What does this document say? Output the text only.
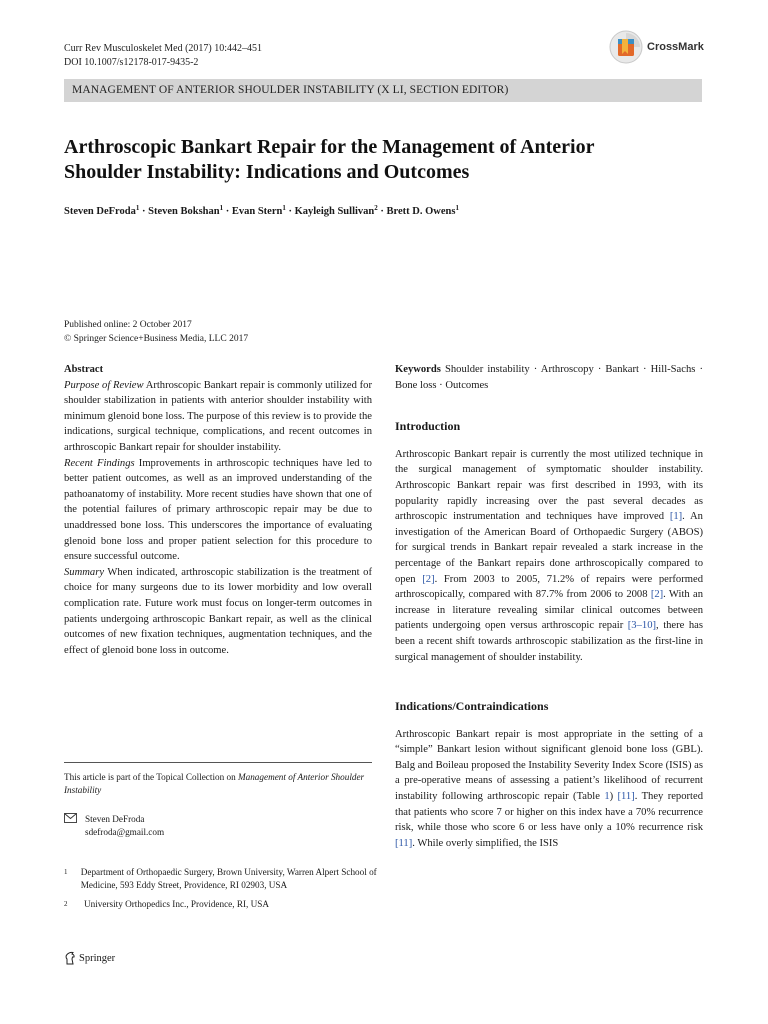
Curr Rev Musculoskelet Med (2017) 10:442–451
DOI 10.1007/s12178-017-9435-2
CrossMark
MANAGEMENT OF ANTERIOR SHOULDER INSTABILITY (X LI, SECTION EDITOR)
Arthroscopic Bankart Repair for the Management of Anterior
Shoulder Instability: Indications and Outcomes
Steven DeFroda$^1$ · Steven Bokshan$^1$ · Evan Stern$^1$ · Kayleigh Sullivan$^2$ · Brett D. Owens$^1$
Published online: 2 October 2017
© Springer Science+Business Media, LLC 2017
Abstract

Purpose of Review Arthroscopic Bankart repair is commonly utilized for shoulder stabilization in patients with anterior shoulder instability with minimum glenoid bone loss. The purpose of this review is to provide the indications, surgical technique, complications, and recent outcomes in arthroscopic Bankart repair for shoulder instability.

Recent Findings Improvements in arthroscopic techniques have led to better patient outcomes, as well as an improved understanding of the pathoanatomy of instability. More recent studies have shown that one of the potential failures of primary arthroscopic repair may be due to unaddressed bone loss. This underscores the importance of evaluating glenoid bone loss and proper patient selection for this procedure to ensure successful outcome.

Summary When indicated, arthroscopic stabilization is the treatment of choice for many surgeons due to its lower morbidity and low overall complication rate. Future work must focus on longer-term outcomes in patients undergoing arthroscopic Bankart repair, as well as the clinical outcomes of new fixation techniques, augmentation techniques, and the effect of glenoid bone loss in outcome.

Keywords Shoulder instability · Arthroscopy · Bankart · Hill-Sachs · Bone loss · Outcomes

Introduction

Arthroscopic Bankart repair is currently the most utilized technique in the surgical management of symptomatic shoulder instability. Arthroscopic Bankart repair was first described in 1993, with its popularity rapidly increasing over the past several decades as arthroscopic instrumentation and techniques have improved [1]. An investigation of the American Board of Orthopaedic Surgery (ABOS) for surgical trends in Bankart repair revealed a stark increase in the percentage of the Bankart repairs done arthroscopically compared to open [2]. From 2003 to 2005, 71.2% of repairs were performed arthroscopically, compared with 87.7% from 2006 to 2008 [2]. With an increase in literature revealing similar clinical outcomes between patients undergoing open versus arthroscopic repair [3–10], there has been a recent shift towards arthroscopic stabilization as the first-line in surgical management of shoulder instability.

Indications/Contraindications

Arthroscopic Bankart repair is most appropriate in the setting of a “simple” Bankart lesion without significant glenoid bone loss (GBL). Balg and Boileau proposed the Instability Severity Index Score (ISIS) as a pre-operative means of assessing a patient’s likelihood of recurrent instability following arthroscopic repair (Table 1) [11]. They reported that patients who score 7 or higher on this index have a 70% recurrence risk, while those who score 6 or less have only a 10% recurrence risk [11]. While overly simplified, the ISIS

This article is part of the Topical Collection on Management of Anterior Shoulder Instability
Steven DeFroda
sdefroda@gmail.com
1 Department of Orthopaedic Surgery, Brown University, Warren Alpert School of Medicine, 593 Eddy Street, Providence, RI 02903, USA
2	University Orthopedics Inc., Providence, RI, USA
Springer
